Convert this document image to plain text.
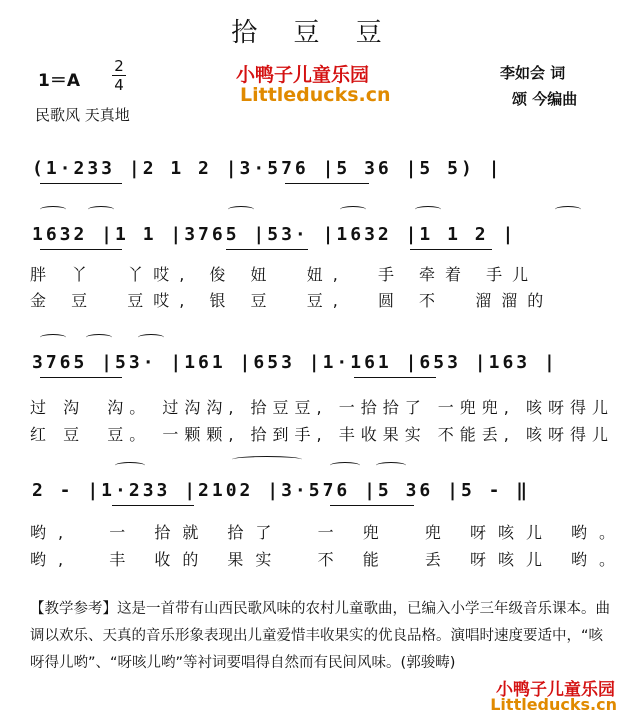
拾 豆 豆
1＝A
2
4
民歌风 天真地
小鸭子儿童乐园
Littleducks.cn
李如会 词
颂 今编曲
(1·233 |2 1 2 |3·576 |5 36 |5 5) |
1632 |1 1 |3765 |53· |1632 |1 1 2 |
3765 |53· |161 |653 |1·161 |653 |163 |
2 - |1·233 |2102 |3·576 |5 36 |5 - ‖
胖 丫  丫哎, 俊 妞  妞,  手 牵着 手儿
金 豆  豆哎, 银 豆  豆,  圆 不  溜溜的
过 沟  沟。 过沟沟, 拾豆豆, 一拾拾了 一兜兜, 咳呀得儿
红 豆  豆。 一颗颗, 拾到手, 丰收果实 不能丢, 咳呀得儿
哟,  一 拾就 拾了  一 兜  兜 呀咳儿 哟。
哟,  丰 收的 果实  不 能  丢 呀咳儿 哟。
【教学参考】这是一首带有山西民歌风味的农村儿童歌曲，已编入小学三年级音乐课本。曲调以欢乐、天真的音乐形象表现出儿童爱惜丰收果实的优良品格。演唱时速度要适中，“咳呀得儿哟”、“呀咳儿哟”等衬词要唱得自然而有民间风味。(郭骏畴)
小鸭子儿童乐园
Littleducks.cn
